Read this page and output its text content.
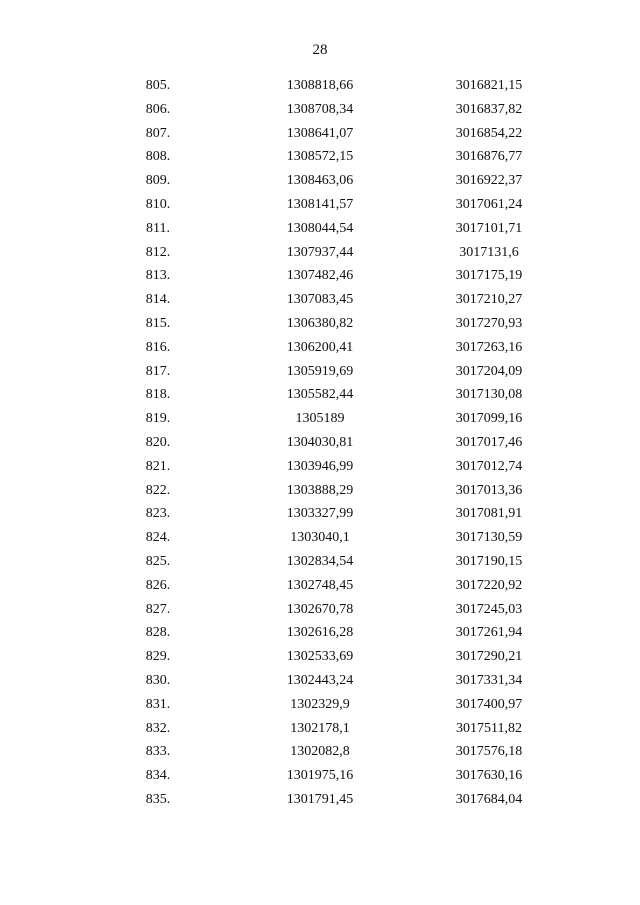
28
805.	1308818,66	3016821,15
806.	1308708,34	3016837,82
807.	1308641,07	3016854,22
808.	1308572,15	3016876,77
809.	1308463,06	3016922,37
810.	1308141,57	3017061,24
811.	1308044,54	3017101,71
812.	1307937,44	3017131,6
813.	1307482,46	3017175,19
814.	1307083,45	3017210,27
815.	1306380,82	3017270,93
816.	1306200,41	3017263,16
817.	1305919,69	3017204,09
818.	1305582,44	3017130,08
819.	1305189	3017099,16
820.	1304030,81	3017017,46
821.	1303946,99	3017012,74
822.	1303888,29	3017013,36
823.	1303327,99	3017081,91
824.	1303040,1	3017130,59
825.	1302834,54	3017190,15
826.	1302748,45	3017220,92
827.	1302670,78	3017245,03
828.	1302616,28	3017261,94
829.	1302533,69	3017290,21
830.	1302443,24	3017331,34
831.	1302329,9	3017400,97
832.	1302178,1	3017511,82
833.	1302082,8	3017576,18
834.	1301975,16	3017630,16
835.	1301791,45	3017684,04
